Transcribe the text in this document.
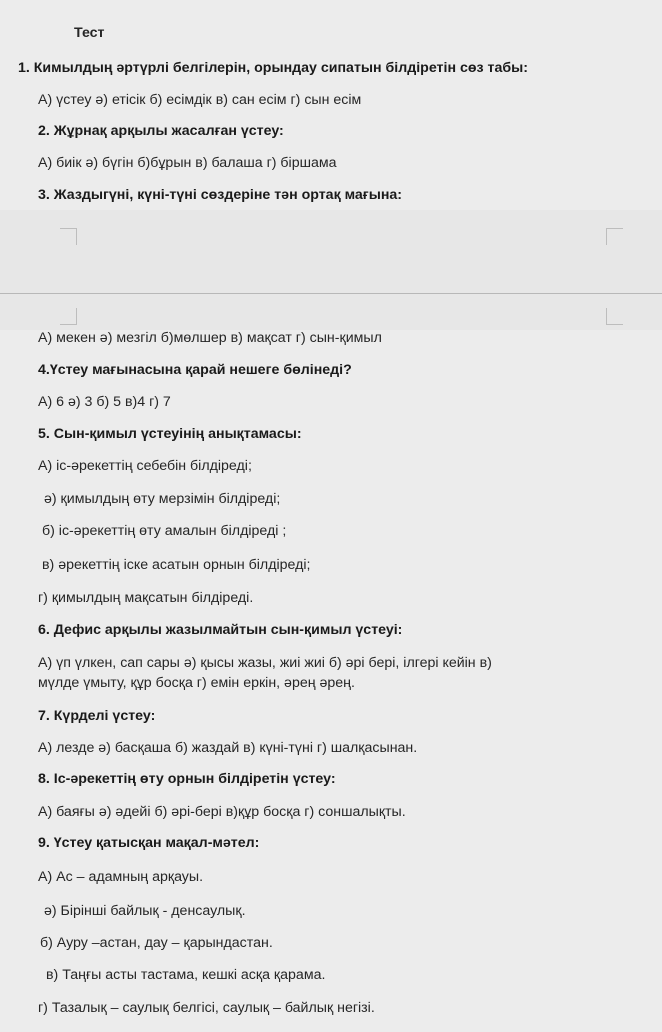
Тест
1. Кимылдың әртүрлі белгілерін, орындау сипатын білдіретін сөз табы:
А) үстеу ә) етісік б) есімдік в) сан есім г) сын есім
2. Жұрнақ арқылы жасалған үстеу:
А) биік ә) бүгін б)бұрын в) балаша г) біршама
3. Жаздыгүні, күні-түні сөздеріне тән ортақ мағына:
А) мекен ә) мезгіл б)мөлшер в) мақсат г) сын-қимыл
4.Үстеу мағынасына қарай нешеге бөлінеді?
А) 6 ә) 3 б) 5 в)4 г) 7
5. Сын-қимыл үстеуінің анықтамасы:
А) іс-әрекеттің себебін білдіреді;
ә) қимылдың өту мерзімін білдіреді;
б) іс-әрекеттің өту амалын білдіреді ;
в) әрекеттің іске асатын орнын білдіреді;
г) қимылдың мақсатын білдіреді.
6. Дефис арқылы жазылмайтын сын-қимыл үстеуі:
А) үп үлкен, сап сары ә) қысы жазы, жиі жиі б) әрі бері, ілгері кейін в)
мүлде үмыту, құр босқа г) емін еркін, әрең әрең.
7. Күрделі үстеу:
А) лезде ә) басқаша б) жаздай в) күні-түні г) шалқасынан.
8. Іс-әрекеттің өту орнын білдіретін үстеу:
А) баяғы ә) әдейі б) әрі-бері в)құр босқа г) соншалықты.
9. Үстеу қатысқан мақал-мәтел:
А) Ас – адамның арқауы.
ә) Бірінші байлық - денсаулық.
б) Ауру –астан, дау – қарындастан.
в) Таңғы асты тастама, кешкі асқа қарама.
г) Тазалық – саулық белгісі, саулық – байлық негізі.
